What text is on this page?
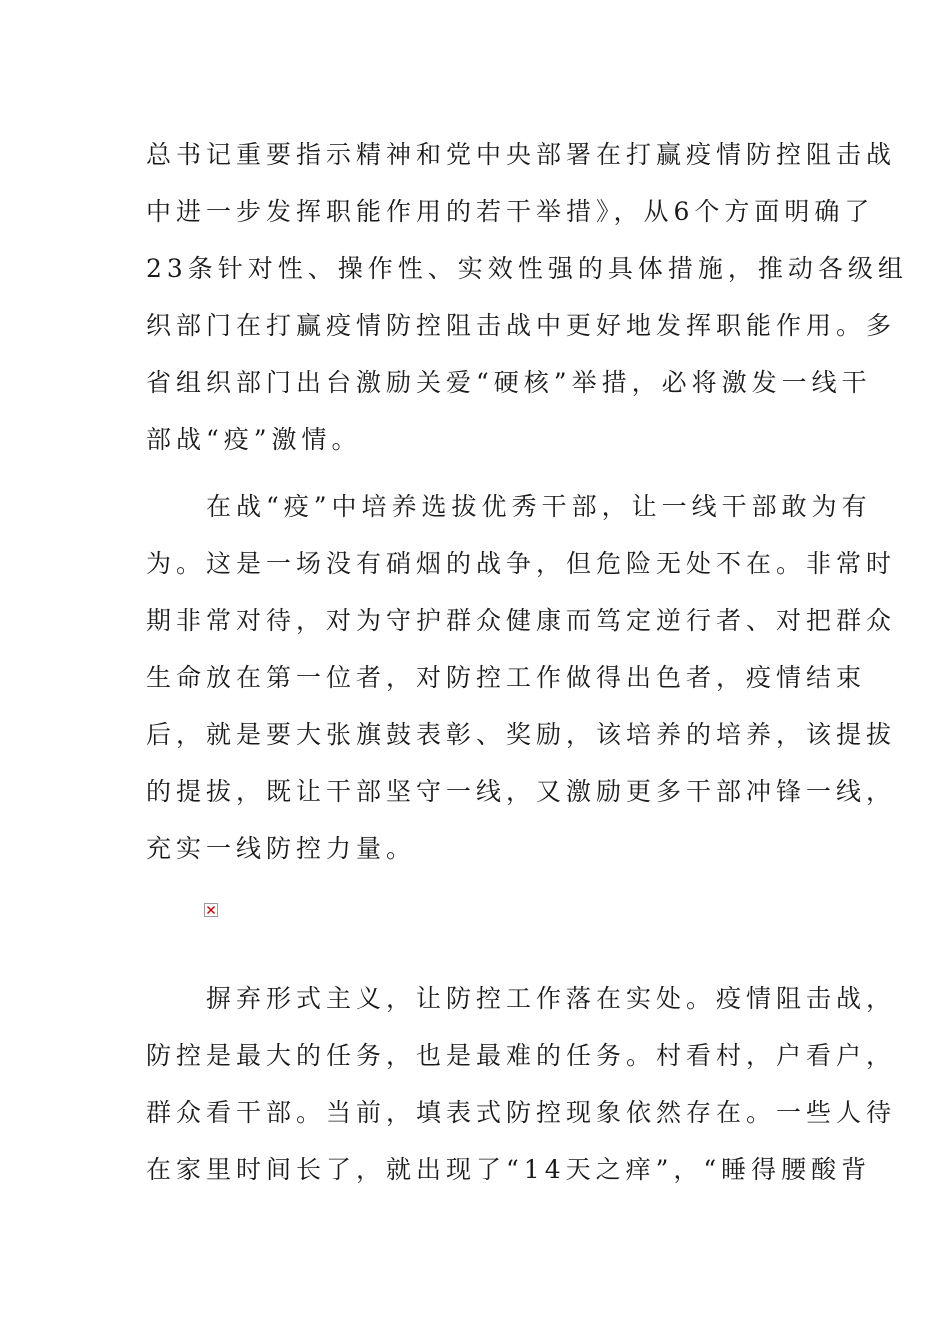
总书记重要指示精神和党中央部署在打赢疫情防控阻击战
中进一步发挥职能作用的若干举措》，从6个方面明确了
23条针对性、操作性、实效性强的具体措施，推动各级组
织部门在打赢疫情防控阻击战中更好地发挥职能作用。多
省组织部门出台激励关爱“硬核”举措，必将激发一线干
部战“疫”激情。
　　在战“疫”中培养选拔优秀干部，让一线干部敢为有
为。这是一场没有硝烟的战争，但危险无处不在。非常时
期非常对待，对为守护群众健康而笃定逆行者、对把群众
生命放在第一位者，对防控工作做得出色者，疫情结束
后，就是要大张旗鼓表彰、奖励，该培养的培养，该提拔
的提拔，既让干部坚守一线，又激励更多干部冲锋一线，
充实一线防控力量。
　　摒弃形式主义，让防控工作落在实处。疫情阻击战，
防控是最大的任务，也是最难的任务。村看村，户看户，
群众看干部。当前，填表式防控现象依然存在。一些人待
在家里时间长了，就出现了“14天之痒”，“睡得腰酸背
